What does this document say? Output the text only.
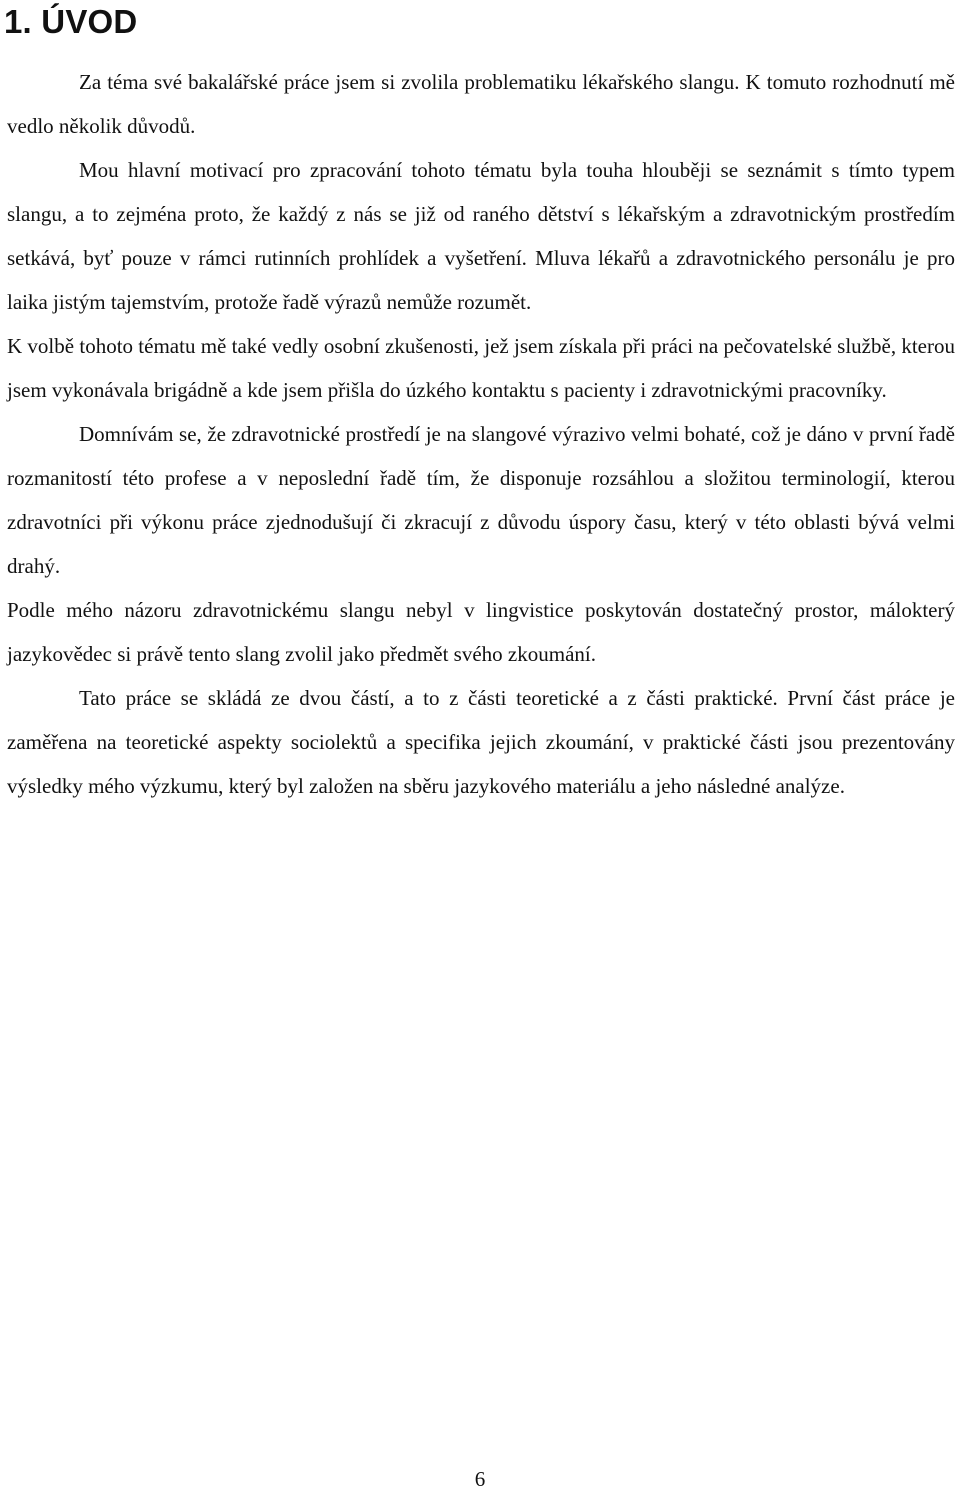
1. ÚVOD

Za téma své bakalářské práce jsem si zvolila problematiku lékařského slangu. K tomuto rozhodnutí mě vedlo několik důvodů.

Mou hlavní motivací pro zpracování tohoto tématu byla touha hlouběji se seznámit s tímto typem slangu, a to zejména proto, že každý z nás se již od raného dětství s lékařským a zdravotnickým prostředím setkává, byť pouze v rámci rutinních prohlídek a vyšetření. Mluva lékařů a zdravotnického personálu je pro laika jistým tajemstvím, protože řadě výrazů nemůže rozumět.

K volbě tohoto tématu mě také vedly osobní zkušenosti, jež jsem získala při práci na pečovatelské službě, kterou jsem vykonávala brigádně a kde jsem přišla do úzkého kontaktu s pacienty i zdravotnickými pracovníky.

Domnívám se, že zdravotnické prostředí je na slangové výrazivo velmi bohaté, což je dáno v první řadě rozmanitostí této profese a v neposlední řadě tím, že disponuje rozsáhlou a složitou terminologií, kterou zdravotníci při výkonu práce zjednodušují či zkracují z důvodu úspory času, který v této oblasti bývá velmi drahý.

Podle mého názoru zdravotnickému slangu nebyl v lingvistice poskytován dostatečný prostor, málokterý jazykovědec si právě tento slang zvolil jako předmět svého zkoumání.

Tato práce se skládá ze dvou částí, a to z části teoretické a z části praktické. První část práce je zaměřena na teoretické aspekty sociolektů a specifika jejich zkoumání, v praktické části jsou prezentovány výsledky mého výzkumu, který byl založen na sběru jazykového materiálu a jeho následné analýze.

6
